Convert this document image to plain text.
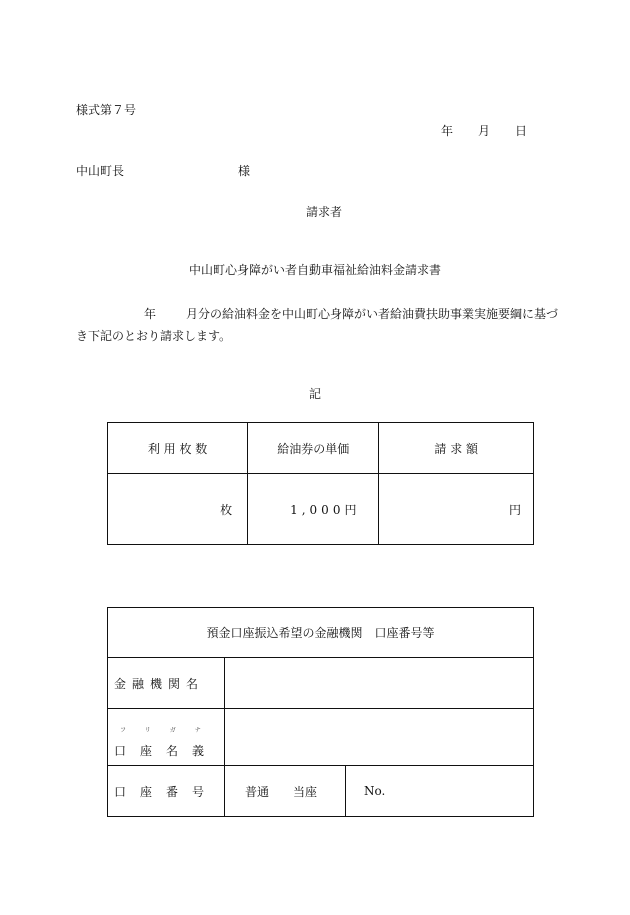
様式第７号
年 月 日
中山町長	様
請求者
中山町心身障がい者自動車福祉給油料金請求書
年	月分の給油料金を中山町心身障がい者給油費扶助事業実施要綱に基づき下記のとおり請求します。
記
利 用 枚 数	給油券の単価	請 求 額
枚	1,000円	円
預金口座振込希望の金融機関　口座番号等		
金融機関名		

フリガナ
口座名義		

口座番号	普通 当座	No.
